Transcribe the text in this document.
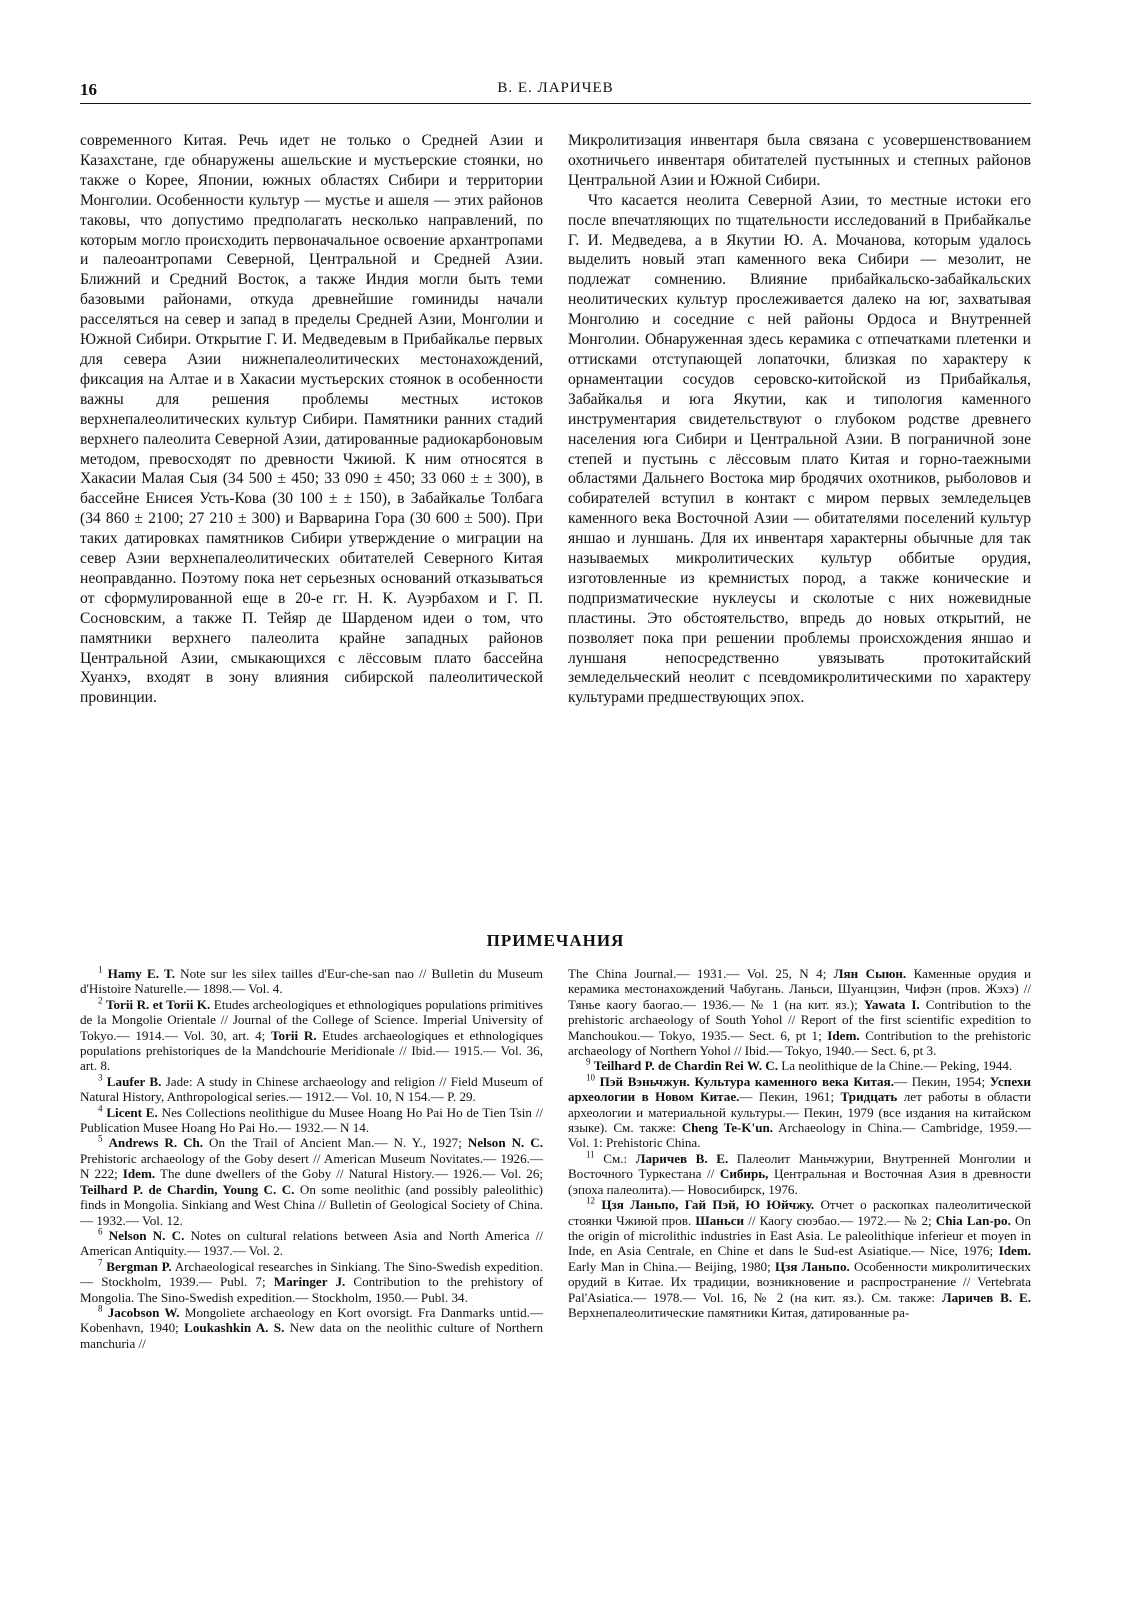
16	В. Е. ЛАРИЧЕВ

современного Китая. Речь идет не только о Средней Азии и Казахстане, где обнаружены ашельские и мустьерские стоянки, но также о Корее, Японии, южных областях Сибири и территории Монголии. Особенности культур — мустье и ашеля — этих районов таковы, что допустимо предполагать несколько направлений, по которым могло происходить первоначальное освоение архантропами и палеоантропами Северной, Центральной и Средней Азии. Ближний и Средний Восток, а также Индия могли быть теми базовыми районами, откуда древнейшие гоминиды начали расселяться на север и запад в пределы Средней Азии, Монголии и Южной Сибири. Открытие Г. И. Медведевым в Прибайкалье первых для севера Азии нижнепалеолитических местонахождений, фиксация на Алтае и в Хакасии мустьерских стоянок в особенности важны для решения проблемы местных истоков верхнепалеолитических культур Сибири. Памятники ранних стадий верхнего палеолита Северной Азии, датированные радиокарбоновым методом, превосходят по древности Чжиюй. К ним относятся в Хакасии Малая Сыя (34 500 ± 450; 33 090 ± 450; 33 060 ± ± 300), в бассейне Енисея Усть-Кова (30 100 ± ± 150), в Забайкалье Толбага (34 860 ± 2100; 27 210 ± 300) и Варварина Гора (30 600 ± 500). При таких датировках памятников Сибири утверждение о миграции на север Азии верхнепалеолитических обитателей Северного Китая неоправданно. Поэтому пока нет серьезных оснований отказываться от сформулированной еще в 20-е гг. Н. К. Ауэрбахом и Г. П. Сосновским, а также П. Тейяр де Шарденом идеи о том, что памятники верхнего палеолита крайне западных районов Центральной Азии, смыкающихся с лёссовым плато бассейна Хуанхэ, входят в зону влияния сибирской палеолитической провинции.

Микролитизация инвентаря была связана с усовершенствованием охотничьего инвентаря обитателей пустынных и степных районов Центральной Азии и Южной Сибири.

Что касается неолита Северной Азии, то местные истоки его после впечатляющих по тщательности исследований в Прибайкалье Г. И. Медведева, а в Якутии Ю. А. Мочанова, которым удалось выделить новый этап каменного века Сибири — мезолит, не подлежат сомнению. Влияние прибайкальско-забайкальских неолитических культур прослеживается далеко на юг, захватывая Монголию и соседние с ней районы Ордоса и Внутренней Монголии. Обнаруженная здесь керамика с отпечатками плетенки и оттисками отступающей лопаточки, близкая по характеру к орнаментации сосудов серовско-китойской из Прибайкалья, Забайкалья и юга Якутии, как и типология каменного инструментария свидетельствуют о глубоком родстве древнего населения юга Сибири и Центральной Азии. В пограничной зоне степей и пустынь с лёссовым плато Китая и горно-таежными областями Дальнего Востока мир бродячих охотников, рыболовов и собирателей вступил в контакт с миром первых земледельцев каменного века Восточной Азии — обитателями поселений культур яншао и луншань. Для их инвентаря характерны обычные для так называемых микролитических культур оббитые орудия, изготовленные из кремнистых пород, а также конические и подпризматические нуклеусы и сколотые с них ножевидные пластины. Это обстоятельство, впредь до новых открытий, не позволяет пока при решении проблемы происхождения яншао и луншаня непосредственно увязывать протокитайский земледельческий неолит с псевдомикролитическими по характеру культурами предшествующих эпох.

ПРИМЕЧАНИЯ

$^1$ Hamy E. T. Note sur les silex tailles d'Eur-che-san nao // Bulletin du Museum d'Histoire Naturelle.— 1898.— Vol. 4.

$^2$ Torii R. et Torii K. Etudes archeologiques et ethnologiques populations primitives de la Mongolie Orientale // Journal of the College of Science. Imperial University of Tokyo.— 1914.— Vol. 30, art. 4; Torii R. Etudes archaeologiques et ethnologiques populations prehistoriques de la Mandchourie Meridionale // Ibid.— 1915.— Vol. 36, art. 8.

$^3$ Laufer B. Jade: A study in Chinese archaeology and religion // Field Museum of Natural History, Anthropological series.— 1912.— Vol. 10, N 154.— P. 29.

$^4$ Licent E. Nes Collections neolithigue du Musee Hoang Ho Pai Ho de Tien Tsin // Publication Musee Hoang Ho Pai Ho.— 1932.— N 14.

$^5$ Andrews R. Ch. On the Trail of Ancient Man.— N. Y., 1927; Nelson N. C. Prehistoric archaeology of the Goby desert // American Museum Novitates.— 1926.— N 222; Idem. The dune dwellers of the Goby // Natural History.— 1926.— Vol. 26; Teilhard P. de Chardin, Young C. C. On some neolithic (and possibly paleolithic) finds in Mongolia. Sinkiang and West China // Bulletin of Geological Society of China.— 1932.— Vol. 12.

$^6$ Nelson N. C. Notes on cultural relations between Asia and North America // American Antiquity.— 1937.— Vol. 2.

$^7$ Bergman P. Archaeological researches in Sinkiang. The Sino-Swedish expedition.— Stockholm, 1939.— Publ. 7; Maringer J. Contribution to the prehistory of Mongolia. The Sino-Swedish expedition.— Stockholm, 1950.— Publ. 34.

$^8$ Jacobson W. Mongoliete archaeology en Kort ovorsigt. Fra Danmarks untid.— Kobenhavn, 1940; Loukashkin A. S. New data on the neolithic culture of Northern manchuria //

The China Journal.— 1931.— Vol. 25, N 4; Лян Сыюн. Каменные орудия и керамика местонахождений Чабугань. Ланьси, Шуанцзин, Чифэн (пров. Жэхэ) // Тянье каогу баогао.— 1936.— № 1 (на кит. яз.); Yawata I. Contribution to the prehistoric archaeology of South Yohol // Report of the first scientific expedition to Manchoukou.— Tokyo, 1935.— Sect. 6, pt 1; Idem. Contribution to the prehistoric archaeology of Northern Yohol // Ibid.— Tokyo, 1940.— Sect. 6, pt 3.

$^9$ Teilhard P. de Chardin Rei W. C. La neolithique de la Chine.— Peking, 1944.

$^{10}$ Пэй Вэньчжун. Культура каменного века Китая.— Пекин, 1954; Успехи археологии в Новом Китае.— Пекин, 1961; Тридцать лет работы в области археологии и материальной культуры.— Пекин, 1979 (все издания на китайском языке). См. также: Cheng Te-K'un. Archaeology in China.— Cambridge, 1959.— Vol. 1: Prehistoric China.

$^{11}$ См.: Ларичев В. Е. Палеолит Маньчжурии, Внутренней Монголии и Восточного Туркестана // Сибирь, Центральная и Восточная Азия в древности (эпоха палеолита).— Новосибирск, 1976.

$^{12}$ Цзя Ланьпо, Гай Пэй, Ю Юйчжу. Отчет о раскопках палеолитической стоянки Чжиюй пров. Шаньси // Каогу сюэбао.— 1972.— № 2; Chia Lan-po. On the origin of microlithic industries in East Asia. Le paleolithique inferieur et moyen in Inde, en Asia Centrale, en Chine et dans le Sud-est Asiatique.— Nice, 1976; Idem. Early Man in China.— Beijing, 1980; Цзя Ланьпо. Особенности микролитических орудий в Китае. Их традиции, возникновение и распространение // Vertebrata Pal'Asiatica.— 1978.— Vol. 16, № 2 (на кит. яз.). См. также: Ларичев В. Е. Верхнепалеолитические памятники Китая, датированные ра-
